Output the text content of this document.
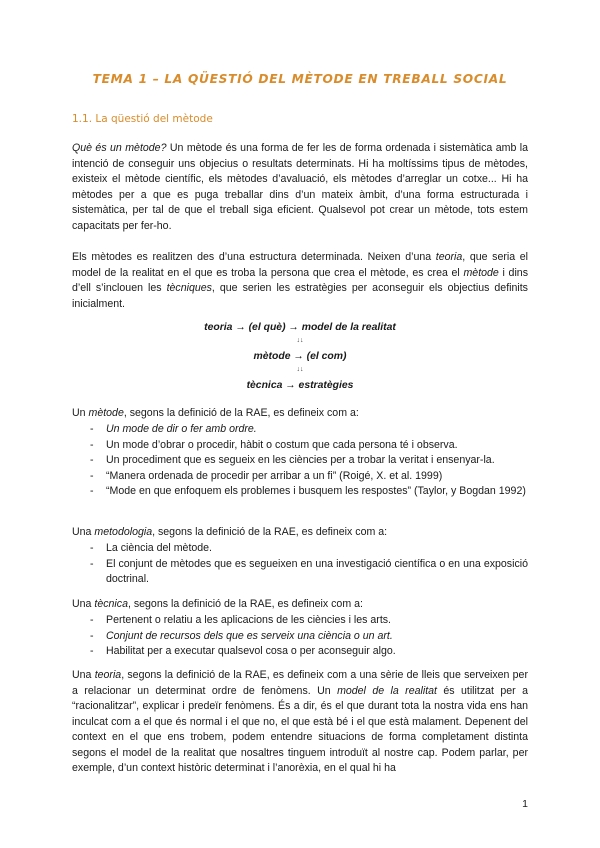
TEMA 1 – LA QÜESTIÓ DEL MÈTODE EN TREBALL SOCIAL
1.1. La qüestió del mètode
Què és un mètode? Un mètode és una forma de fer les de forma ordenada i sistemàtica amb la intenció de conseguir uns objecius o resultats determinats. Hi ha moltíssims tipus de mètodes, existeix el mètode científic, els mètodes d’avaluació, els mètodes d’arreglar un cotxe... Hi ha mètodes per a que es puga treballar dins d’un mateix àmbit, d’una forma estructurada i sistemàtica, per tal de que el treball siga eficient. Qualsevol pot crear un mètode, tots estem capacitats per fer-ho.
Els mètodes es realitzen des d’una estructura determinada. Neixen d’una teoria, que seria el model de la realitat en el que es troba la persona que crea el mètode, es crea el mètode i dins d’ell s’inclouen les tècniques, que serien les estratègies per aconseguir els objectius definits inicialment.
teoria → (el què) → model de la realitat
↓↓
mètode → (el com)
↓↓
tècnica → estratègies
Un mètode, segons la definició de la RAE, es defineix com a:
- Un mode de dir o fer amb ordre.
- Un mode d’obrar o procedir, hàbit o costum que cada persona té i observa.
- Un procediment que es segueix en les ciències per a trobar la veritat i ensenyar-la.
- “Manera ordenada de procedir per arribar a un fi” (Roigé, X. et al. 1999)
- “Mode en que enfoquem els problemes i busquem les respostes” (Taylor, y Bogdan 1992)
Una metodologia, segons la definició de la RAE, es defineix com a:
- La ciència del mètode.
- El conjunt de mètodes que es segueixen en una investigació científica o en una exposició doctrinal.
Una tècnica, segons la definició de la RAE, es defineix com a:
- Pertenent o relatiu a les aplicacions de les ciències i les arts.
- Conjunt de recursos dels que es serveix una ciència o un art.
- Habilitat per a executar qualsevol cosa o per aconseguir algo.
Una teoria, segons la definició de la RAE, es defineix com a una sèrie de lleis que serveixen per a relacionar un determinat ordre de fenòmens. Un model de la realitat és utilitzat per a “racionalitzar”, explicar i predeïr fenòmens. És a dir, és el que durant tota la nostra vida ens han inculcat com a el que és normal i el que no, el que està bé i el que està malament. Depenent del context en el que ens trobem, podem entendre situacions de forma completament distinta segons el model de la realitat que nosaltres tinguem introduït al nostre cap. Podem parlar, per exemple, d’un context històric determinat i l’anorèxia, en el qual hi ha
1
